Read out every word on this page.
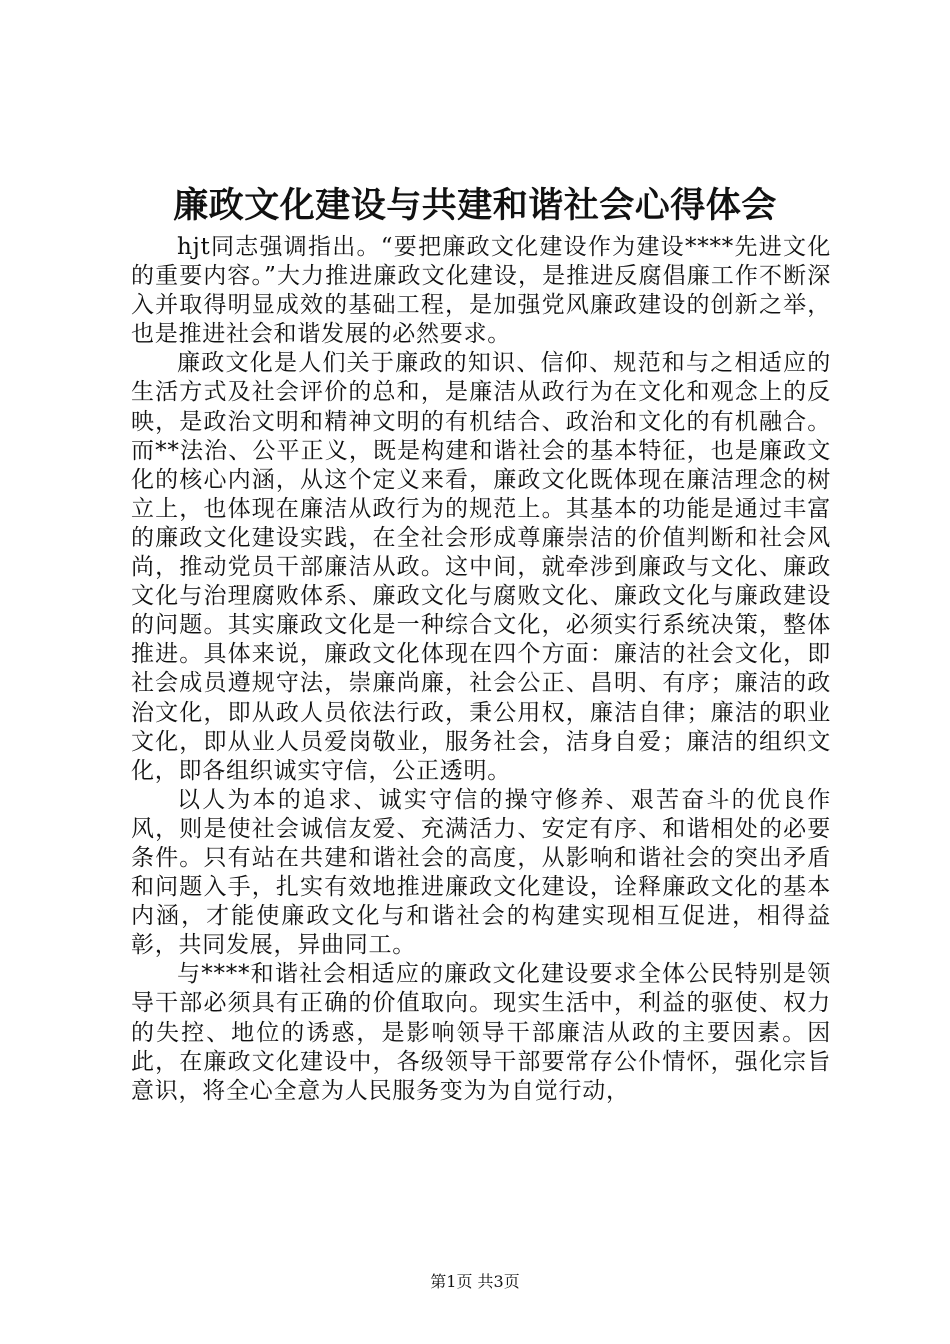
廉政文化建设与共建和谐社会心得体会

hjt同志强调指出。“要把廉政文化建设作为建设****先进文化的重要内容。”大力推进廉政文化建设，是推进反腐倡廉工作不断深入并取得明显成效的基础工程，是加强党风廉政建设的创新之举，也是推进社会和谐发展的必然要求。

廉政文化是人们关于廉政的知识、信仰、规范和与之相适应的生活方式及社会评价的总和，是廉洁从政行为在文化和观念上的反映，是政治文明和精神文明的有机结合、政治和文化的有机融合。而**法治、公平正义，既是构建和谐社会的基本特征，也是廉政文化的核心内涵，从这个定义来看，廉政文化既体现在廉洁理念的树立上，也体现在廉洁从政行为的规范上。其基本的功能是通过丰富的廉政文化建设实践，在全社会形成尊廉崇洁的价值判断和社会风尚，推动党员干部廉洁从政。这中间，就牵涉到廉政与文化、廉政文化与治理腐败体系、廉政文化与腐败文化、廉政文化与廉政建设的问题。其实廉政文化是一种综合文化，必须实行系统决策，整体推进。具体来说，廉政文化体现在四个方面：廉洁的社会文化，即社会成员遵规守法，崇廉尚廉，社会公正、昌明、有序；廉洁的政治文化，即从政人员依法行政，秉公用权，廉洁自律；廉洁的职业文化，即从业人员爱岗敬业，服务社会，洁身自爱；廉洁的组织文化，即各组织诚实守信，公正透明。

以人为本的追求、诚实守信的操守修养、艰苦奋斗的优良作风，则是使社会诚信友爱、充满活力、安定有序、和谐相处的必要条件。只有站在共建和谐社会的高度，从影响和谐社会的突出矛盾和问题入手，扎实有效地推进廉政文化建设，诠释廉政文化的基本内涵，才能使廉政文化与和谐社会的构建实现相互促进，相得益彰，共同发展，异曲同工。

与****和谐社会相适应的廉政文化建设要求全体公民特别是领导干部必须具有正确的价值取向。现实生活中，利益的驱使、权力的失控、地位的诱惑，是影响领导干部廉洁从政的主要因素。因此，在廉政文化建设中，各级领导干部要常存公仆情怀，强化宗旨意识，将全心全意为人民服务变为为自觉行动，

第1页 共3页
